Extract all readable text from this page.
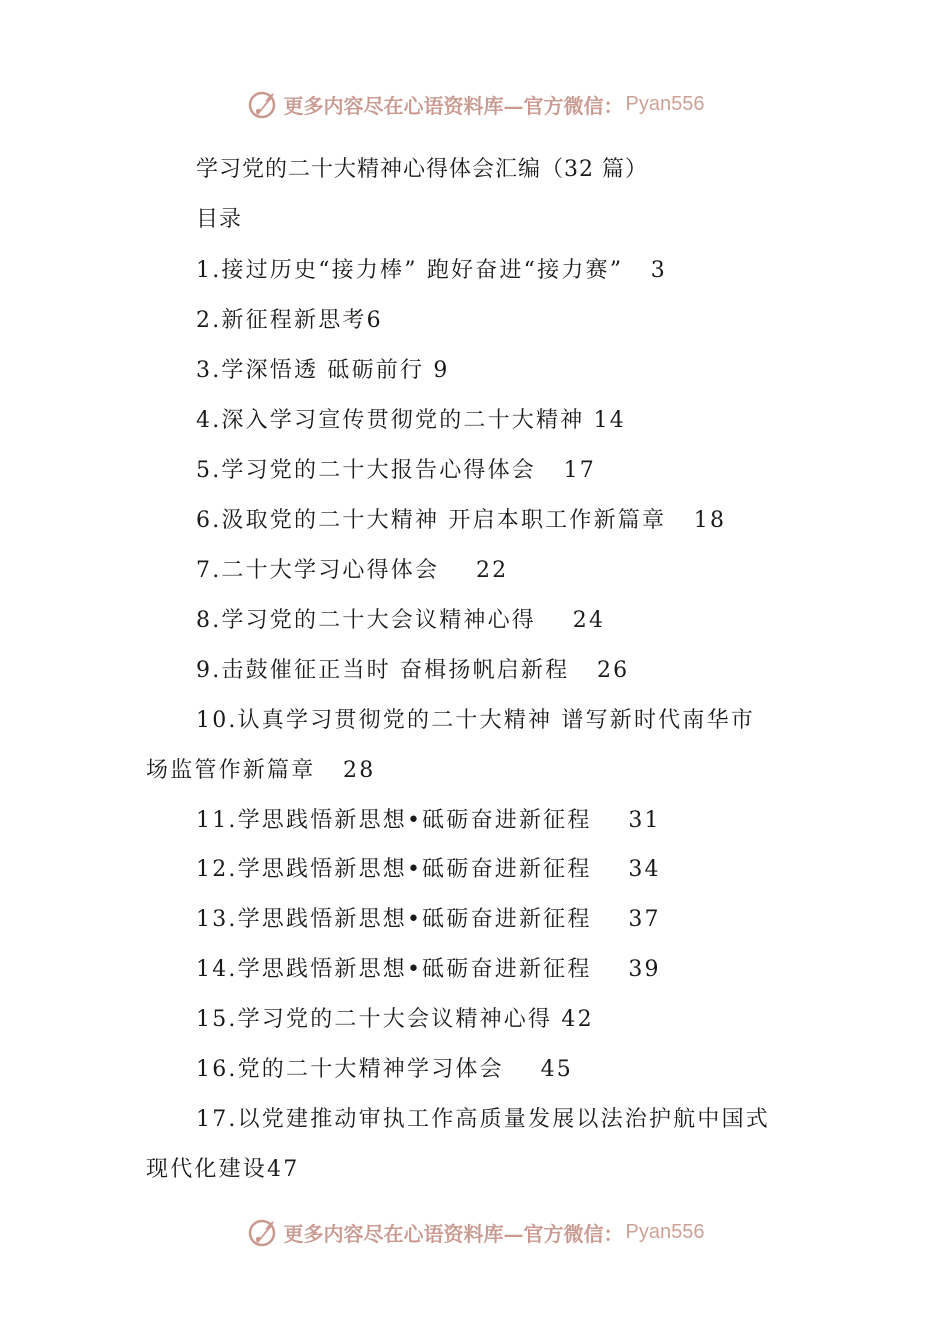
更多内容尽在心语资料库—官方微信： Pyan556
学习党的二十大精神心得体会汇编（32 篇）
目录
1.接过历史“接力棒” 跑好奋进“接力赛” 3
2.新征程新思考6
3.学深悟透 砥砺前行 9
4.深入学习宣传贯彻党的二十大精神 14
5.学习党的二十大报告心得体会 17
6.汲取党的二十大精神 开启本职工作新篇章 18
7.二十大学习心得体会 22
8.学习党的二十大会议精神心得 24
9.击鼓催征正当时 奋楫扬帆启新程 26
10.认真学习贯彻党的二十大精神 谱写新时代南华市
场监管作新篇章 28
11.学思践悟新思想•砥砺奋进新征程 31
12.学思践悟新思想•砥砺奋进新征程 34
13.学思践悟新思想•砥砺奋进新征程 37
14.学思践悟新思想•砥砺奋进新征程 39
15.学习党的二十大会议精神心得 42
16.党的二十大精神学习体会 45
17.以党建推动审执工作高质量发展以法治护航中国式
现代化建设47
更多内容尽在心语资料库—官方微信： Pyan556
